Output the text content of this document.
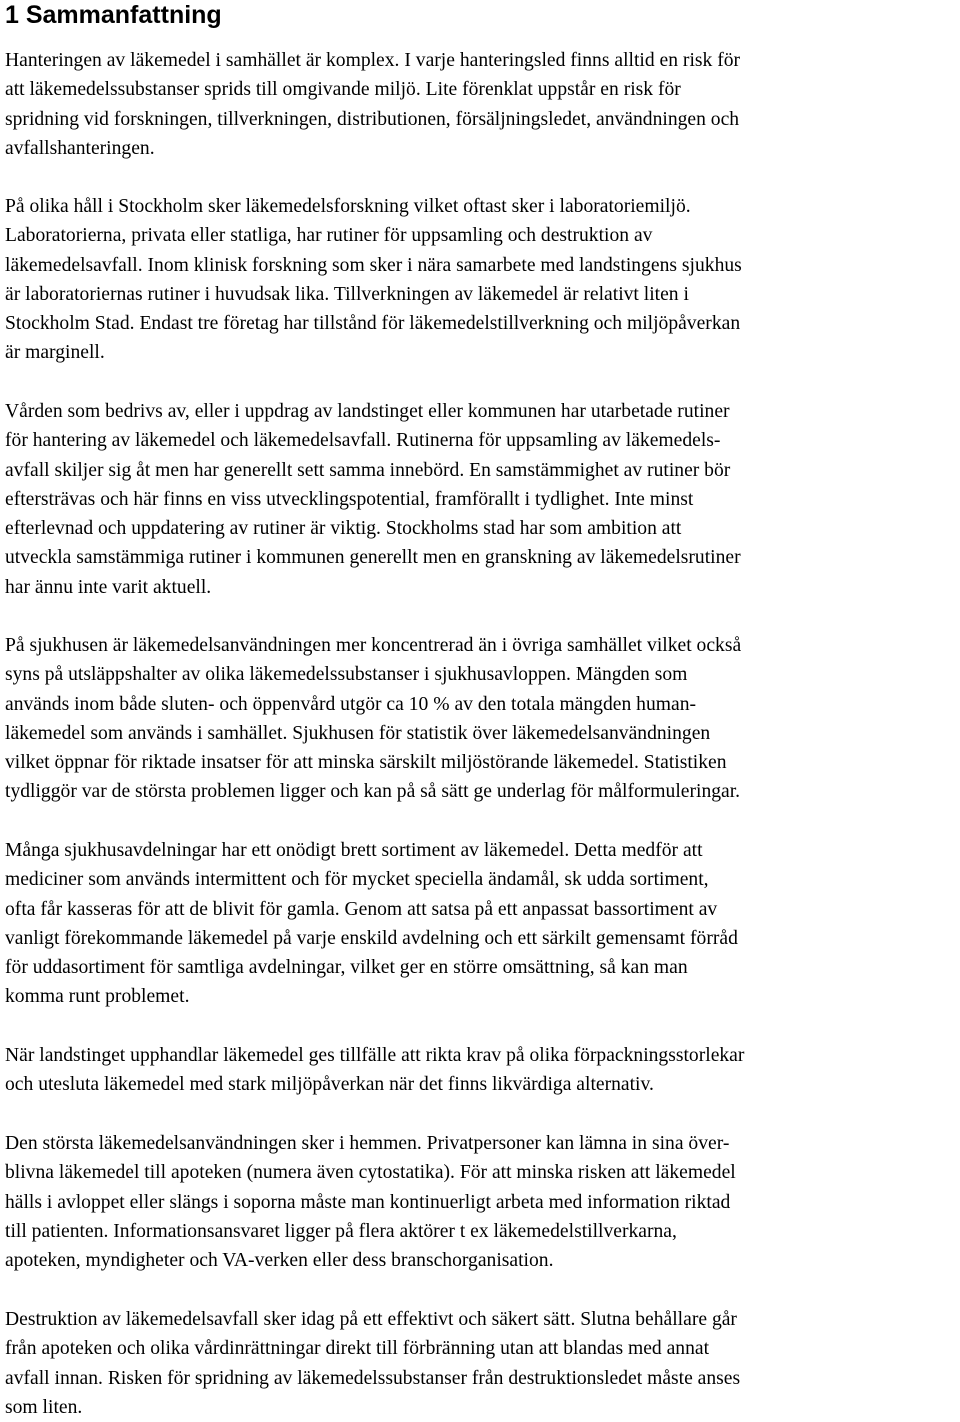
1 Sammanfattning
Hanteringen av läkemedel i samhället är komplex. I varje hanteringsled finns alltid en risk för
att läkemedelssubstanser sprids till omgivande miljö. Lite förenklat uppstår en risk för
spridning vid forskningen, tillverkningen, distributionen, försäljningsledet, användningen och
avfallshanteringen.
På olika håll i Stockholm sker läkemedelsforskning vilket oftast sker i laboratoriemiljö.
Laboratorierna, privata eller statliga, har rutiner för uppsamling och destruktion av
läkemedelsavfall. Inom klinisk forskning som sker i nära samarbete med landstingens sjukhus
är laboratoriernas rutiner i huvudsak lika. Tillverkningen av läkemedel är relativt liten i
Stockholm Stad. Endast tre företag har tillstånd för läkemedelstillverkning och miljöpåverkan
är marginell.
Vården som bedrivs av, eller i uppdrag av landstinget eller kommunen har utarbetade rutiner
för hantering av läkemedel och läkemedelsavfall. Rutinerna för uppsamling av läkemedels-
avfall skiljer sig åt men har generellt sett samma innebörd. En samstämmighet av rutiner bör
eftersträvas och här finns en viss utvecklingspotential, framförallt i tydlighet. Inte minst
efterlevnad och uppdatering av rutiner är viktig. Stockholms stad har som ambition att
utveckla samstämmiga rutiner i kommunen generellt men en granskning av läkemedelsrutiner
har ännu inte varit aktuell.
På sjukhusen är läkemedelsanvändningen mer koncentrerad än i övriga samhället vilket också
syns på utsläppshalter av olika läkemedelssubstanser i sjukhusavloppen. Mängden som
används inom både sluten- och öppenvård utgör ca 10 % av den totala mängden human-
läkemedel som används i samhället. Sjukhusen för statistik över läkemedelsanvändningen
vilket öppnar för riktade insatser för att minska särskilt miljöstörande läkemedel. Statistiken
tydliggör var de största problemen ligger och kan på så sätt ge underlag för målformuleringar.
Många sjukhusavdelningar har ett onödigt brett sortiment av läkemedel. Detta medför att
mediciner som används intermittent och för mycket speciella ändamål, sk udda sortiment,
ofta får kasseras för att de blivit för gamla. Genom att satsa på ett anpassat bassortiment av
vanligt förekommande läkemedel på varje enskild avdelning och ett särkilt gemensamt förråd
för uddasortiment för samtliga avdelningar, vilket ger en större omsättning, så kan man
komma runt problemet.
När landstinget upphandlar läkemedel ges tillfälle att rikta krav på olika förpackningsstorlekar
och utesluta läkemedel med stark miljöpåverkan när det finns likvärdiga alternativ.
Den största läkemedelsanvändningen sker i hemmen. Privatpersoner kan lämna in sina över-
blivna läkemedel till apoteken (numera även cytostatika). För att minska risken att läkemedel
hälls i avloppet eller slängs i soporna måste man kontinuerligt arbeta med information riktad
till patienten. Informationsansvaret ligger på flera aktörer t ex läkemedelstillverkarna,
apoteken, myndigheter och VA-verken eller dess branschorganisation.
Destruktion av läkemedelsavfall sker idag på ett effektivt och säkert sätt. Slutna behållare går
från apoteken och olika vårdinrättningar direkt till förbränning utan att blandas med annat
avfall innan. Risken för spridning av läkemedelssubstanser från destruktionsledet måste anses
som liten.
